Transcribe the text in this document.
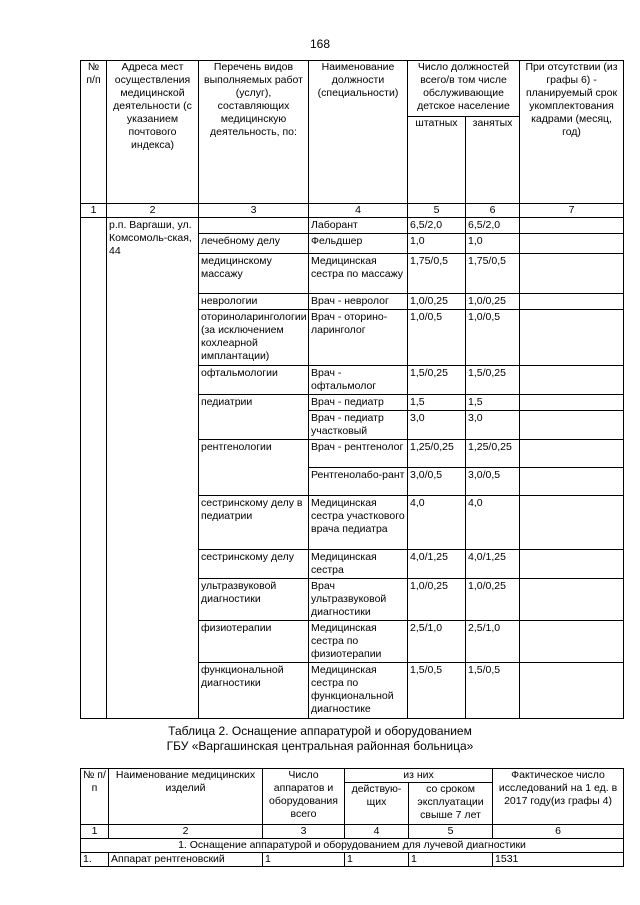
168
№ п/п	Адреса мест осуществления медицинской деятельности (с указанием почтового индекса)	Перечень видов выполняемых работ (услуг), составляющих медицинскую деятельность, по:	Наименование должности (специальности)	Число должностей всего/в том числе обслуживающие детское население		При отсутствии (из графы 6) - планируемый срок укомплектования кадрами (месяц, год)
				штатных	занятых	
1	2	3	4	5	6	7
	р.п. Варгаши, ул. Комсомоль-ская, 44		Лаборант	6,5/2,0	6,5/2,0	
		лечебному делу	Фельдшер	1,0	1,0	
		медицинскому массажу	Медицинская сестра по массажу	1,75/0,5	1,75/0,5	
		неврологии	Врач - невролог	1,0/0,25	1,0/0,25	
		оториноларингологии (за исключением кохлеарной имплантации)	Врач - оторино-ларинголог	1,0/0,5	1,0/0,5	
		офтальмологии	Врач - офтальмолог	1,5/0,25	1,5/0,25	
		педиатрии	Врач - педиатр	1,5	1,5	
			Врач - педиатр участковый	3,0	3,0	
		рентгенологии	Врач - рентгенолог	1,25/0,25	1,25/0,25	
			Рентгенолабо-рант	3,0/0,5	3,0/0,5	
		сестринскому делу в педиатрии	Медицинская сестра участкового врача педиатра	4,0	4,0	
		сестринскому делу	Медицинская сестра	4,0/1,25	4,0/1,25	
		ультразвуковой диагностики	Врач ультразвуковой диагностики	1,0/0,25	1,0/0,25	
		физиотерапии	Медицинская сестра по физиотерапии	2,5/1,0	2,5/1,0	
		функциональной диагностики	Медицинская сестра по функциональной диагностике	1,5/0,5	1,5/0,5	
Таблица 2. Оснащение аппаратурой и оборудованием
ГБУ «Варгашинская центральная районная больница»
№ п/п	Наименование медицинских изделий	Число аппаратов и оборудования всего	из них		Фактическое число исследований на 1 ед. в 2017 году(из графы 4)
			действую-щих	со сроком эксплуатации свыше 7 лет	
1	2	3	4	5	6
1. Оснащение аппаратурой и оборудованием для лучевой диагностики					
1.	Аппарат рентгеновский	1	1	1	1531
